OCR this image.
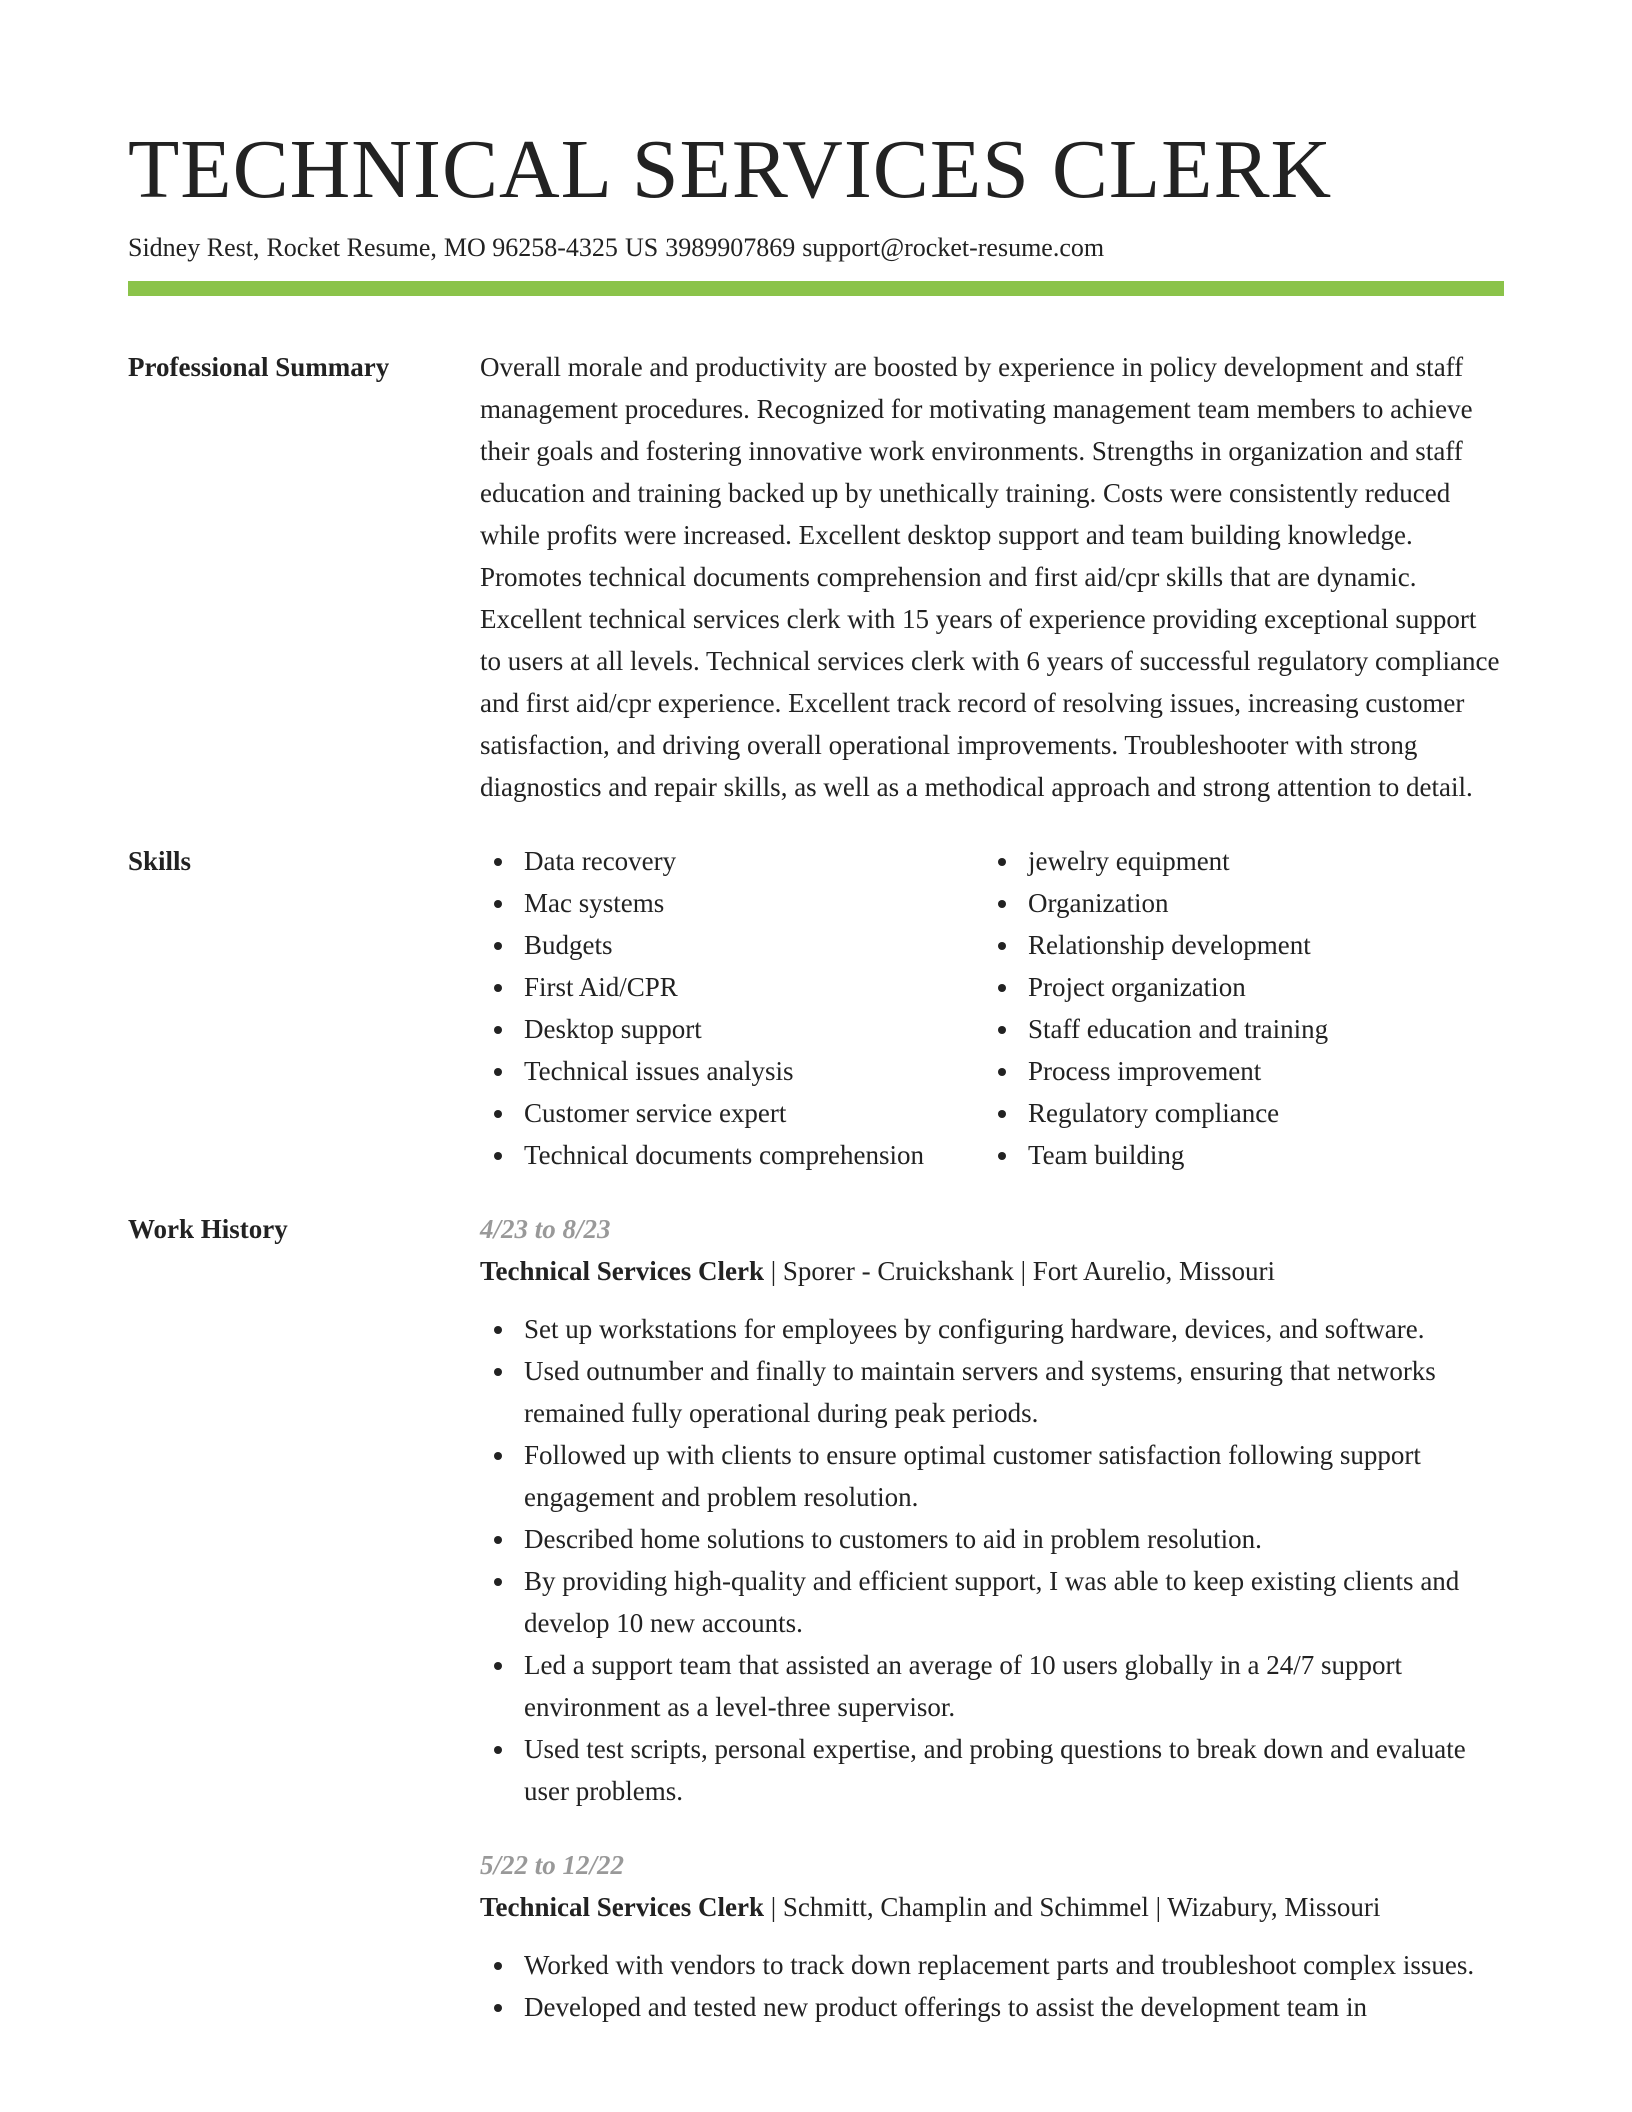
TECHNICAL SERVICES CLERK
Sidney Rest, Rocket Resume, MO 96258-4325 US 3989907869 support@rocket-resume.com
Professional Summary	Overall morale and productivity are boosted by experience in policy development and staff management procedures. Recognized for motivating management team members to achieve their goals and fostering innovative work environments. Strengths in organization and staff education and training backed up by unethically training. Costs were consistently reduced while profits were increased. Excellent desktop support and team building knowledge. Promotes technical documents comprehension and first aid/cpr skills that are dynamic. Excellent technical services clerk with 15 years of experience providing exceptional support to users at all levels. Technical services clerk with 6 years of successful regulatory compliance and first aid/cpr experience. Excellent track record of resolving issues, increasing customer satisfaction, and driving overall operational improvements. Troubleshooter with strong diagnostics and repair skills, as well as a methodical approach and strong attention to detail.

Skills	Data recovery
Mac systems
Budgets
First Aid/CPR
Desktop support
Technical issues analysis
Customer service expert
Technical documents comprehension
jewelry equipment
Organization
Relationship development
Project organization
Staff education and training
Process improvement
Regulatory compliance
Team building
Work History	4/23 to 8/23
Technical Services Clerk | Sporer - Cruickshank | Fort Aurelio, Missouri
Set up workstations for employees by configuring hardware, devices, and software.
Used outnumber and finally to maintain servers and systems, ensuring that networks remained fully operational during peak periods.
Followed up with clients to ensure optimal customer satisfaction following support engagement and problem resolution.
Described home solutions to customers to aid in problem resolution.
By providing high-quality and efficient support, I was able to keep existing clients and develop 10 new accounts.
Led a support team that assisted an average of 10 users globally in a 24/7 support environment as a level-three supervisor.
Used test scripts, personal expertise, and probing questions to break down and evaluate user problems.
5/22 to 12/22
Technical Services Clerk | Schmitt, Champlin and Schimmel | Wizabury, Missouri
Worked with vendors to track down replacement parts and troubleshoot complex issues.
Developed and tested new product offerings to assist the development team in
